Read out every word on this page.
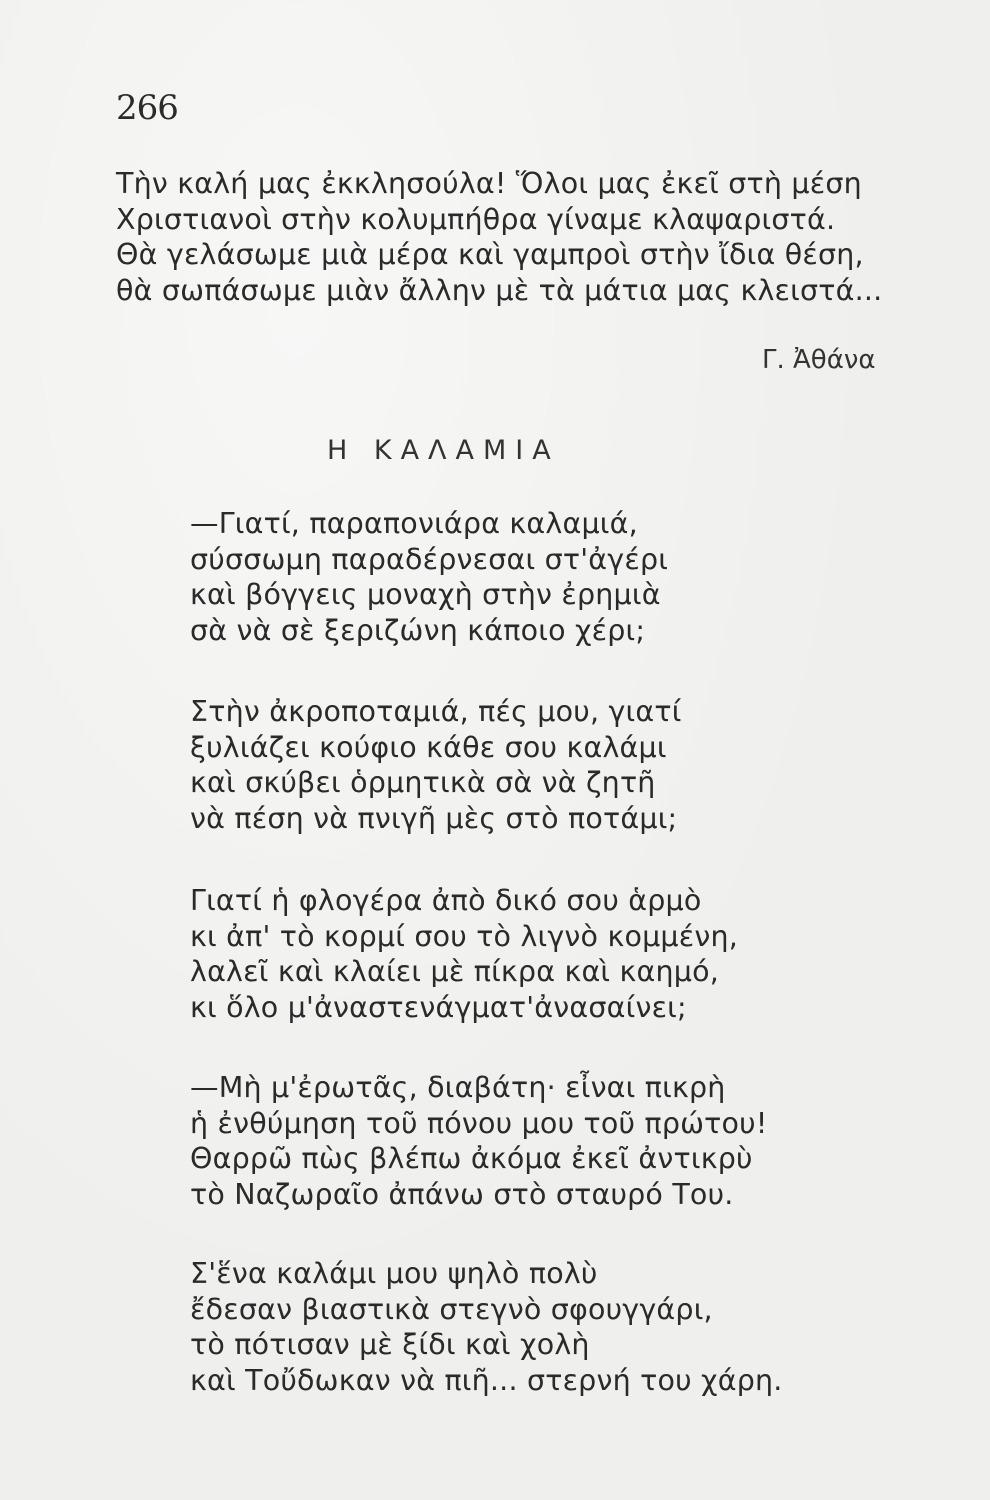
266
Τὴν καλή μας ἐκκλησούλα! Ὅλοι μας ἐκεῖ στὴ μέση
Χριστιανοὶ στὴν κολυμπήθρα γίναμε κλαψαριστά.
Θὰ γελάσωμε μιὰ μέρα καὶ γαμπροὶ στὴν ἴδια θέση,
θὰ σωπάσωμε μιὰν ἄλλην μὲ τὰ μάτια μας κλειστά...
Γ. Ἀθάνα
Η ΚΑΛΑΜΙΑ
—Γιατί, παραπονιάρα καλαμιά,
σύσσωμη παραδέρνεσαι στ'ἀγέρι
καὶ βόγγεις μοναχὴ στὴν ἐρημιὰ
σὰ νὰ σὲ ξεριζώνη κάποιο χέρι;
Στὴν ἀκροποταμιά, πές μου, γιατί
ξυλιάζει κούφιο κάθε σου καλάμι
καὶ σκύβει ὁρμητικὰ σὰ νὰ ζητῆ
νὰ πέση νὰ πνιγῆ μὲς στὸ ποτάμι;
Γιατί ἡ φλογέρα ἀπὸ δικό σου ἁρμὸ
κι ἀπ' τὸ κορμί σου τὸ λιγνὸ κομμένη,
λαλεῖ καὶ κλαίει μὲ πίκρα καὶ καημό,
κι ὅλο μ'ἀναστενάγματ'ἀνασαίνει;
—Μὴ μ'ἐρωτᾶς, διαβάτη· εἶναι πικρὴ
ἡ ἐνθύμηση τοῦ πόνου μου τοῦ πρώτου!
Θαρρῶ πὼς βλέπω ἀκόμα ἐκεῖ ἀντικρὺ
τὸ Ναζωραῖο ἀπάνω στὸ σταυρό Του.
Σ'ἕνα καλάμι μου ψηλὸ πολὺ
ἔδεσαν βιαστικὰ στεγνὸ σφουγγάρι,
τὸ πότισαν μὲ ξίδι καὶ χολὴ
καὶ Τοὔδωκαν νὰ πιῆ... στερνή του χάρη.
